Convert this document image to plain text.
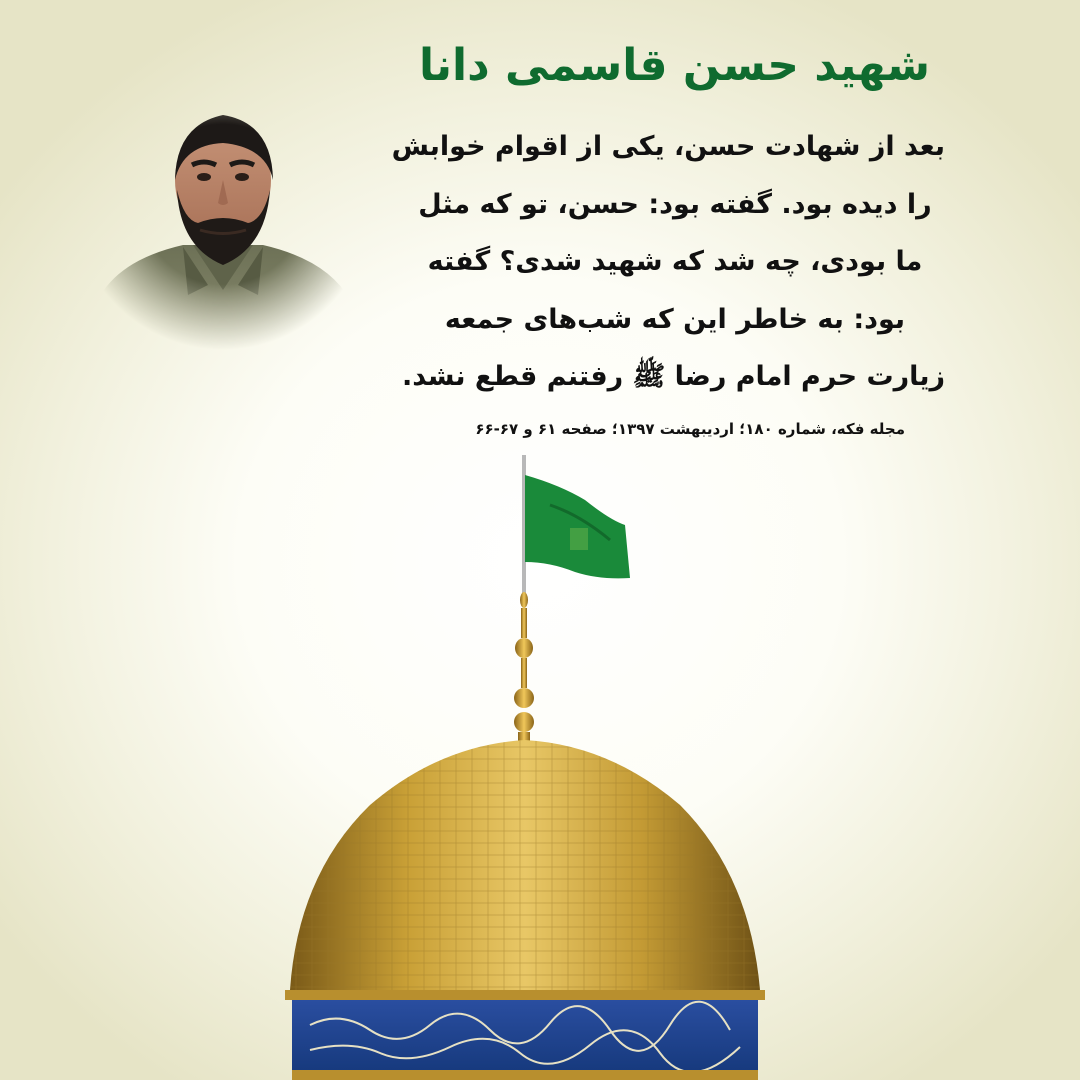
شهید حسن قاسمی دانا
بعد از شهادت حسن، یکی از اقوام خوابش
را دیده بود. گفته بود: حسن، تو که مثل
ما بودی، چه شد که شهید شدی؟ گفته
بود: به خاطر این که شب‌های جمعه
زیارت حرم امام رضا ﷺ رفتنم قطع نشد.
مجله فکه، شماره ۱۸۰؛ اردیبهشت ۱۳۹۷؛ صفحه ۶۱ و ۶۷-۶۶
